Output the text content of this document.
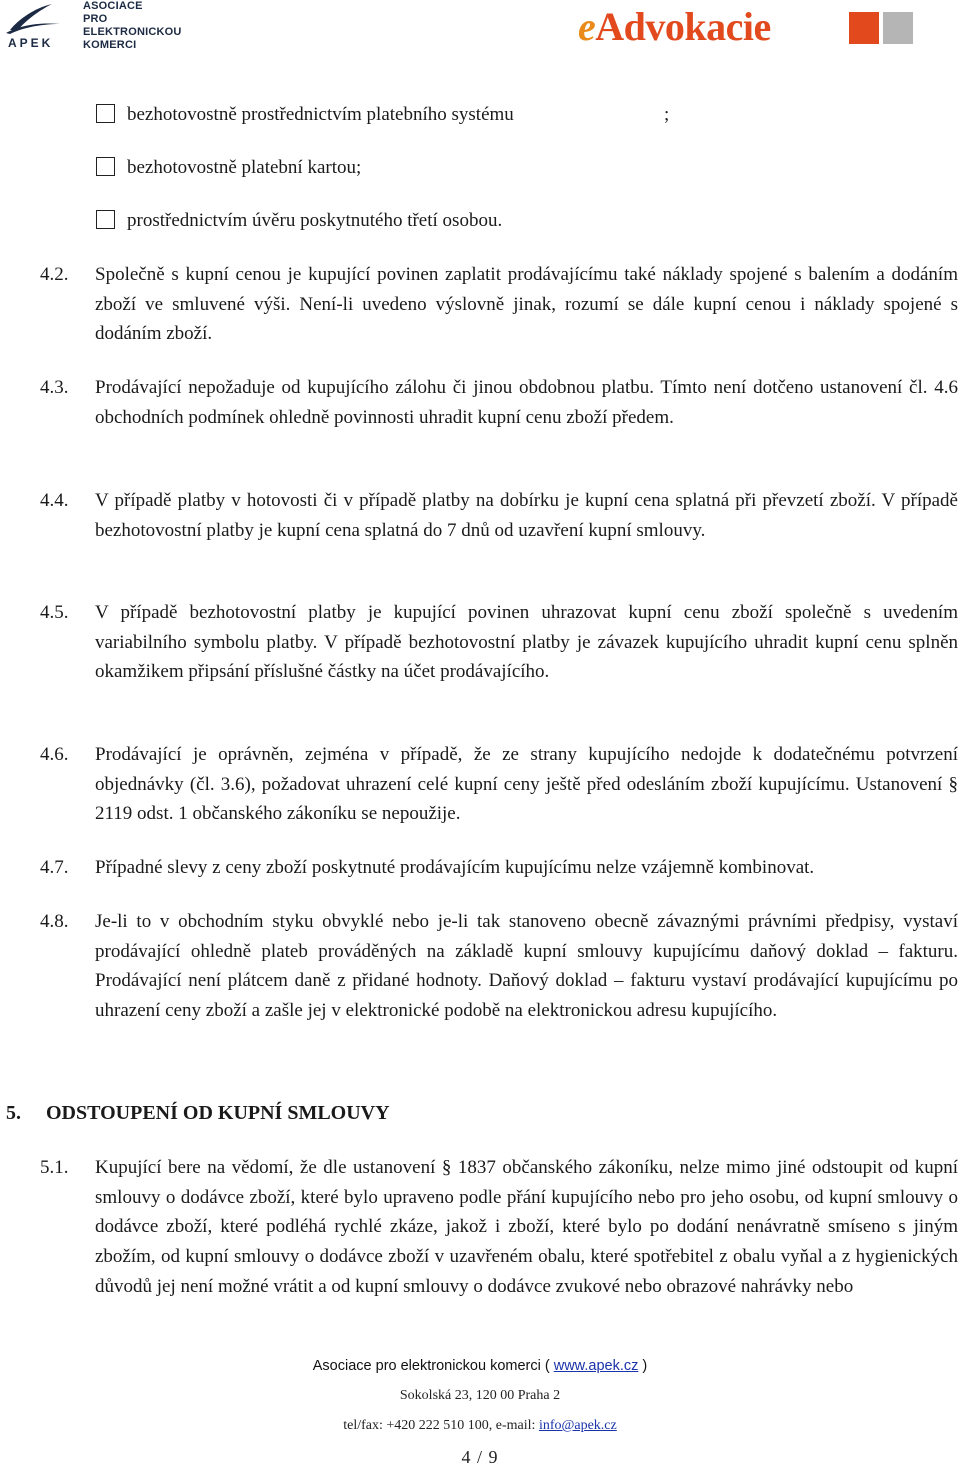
APEK
ASOCIACE
PRO
ELEKTRONICKOU
KOMERCI	eAdvokacie
bezhotovostně prostřednictvím platebního systému	;
bezhotovostně platební kartou;
prostřednictvím úvěru poskytnutého třetí osobou.
4.2. Společně s kupní cenou je kupující povinen zaplatit prodávajícímu také náklady spojené s balením a dodáním zboží ve smluvené výši. Není-li uvedeno výslovně jinak, rozumí se dále kupní cenou i náklady spojené s dodáním zboží.
4.3. Prodávající nepožaduje od kupujícího zálohu či jinou obdobnou platbu. Tímto není dotčeno ustanovení čl. 4.6 obchodních podmínek ohledně povinnosti uhradit kupní cenu zboží předem.
4.4. V případě platby v hotovosti či v případě platby na dobírku je kupní cena splatná při převzetí zboží. V případě bezhotovostní platby je kupní cena splatná do 7 dnů od uzavření kupní smlouvy.
4.5. V případě bezhotovostní platby je kupující povinen uhrazovat kupní cenu zboží společně s uvedením variabilního symbolu platby. V případě bezhotovostní platby je závazek kupujícího uhradit kupní cenu splněn okamžikem připsání příslušné částky na účet prodávajícího.
4.6. Prodávající je oprávněn, zejména v případě, že ze strany kupujícího nedojde k dodatečnému potvrzení objednávky (čl. 3.6), požadovat uhrazení celé kupní ceny ještě před odesláním zboží kupujícímu. Ustanovení § 2119 odst. 1 občanského zákoníku se nepoužije.
4.7. Případné slevy z ceny zboží poskytnuté prodávajícím kupujícímu nelze vzájemně kombinovat.
4.8. Je-li to v obchodním styku obvyklé nebo je-li tak stanoveno obecně závaznými právními předpisy, vystaví prodávající ohledně plateb prováděných na základě kupní smlouvy kupujícímu daňový doklad – fakturu. Prodávající není plátcem daně z přidané hodnoty. Daňový doklad – fakturu vystaví prodávající kupujícímu po uhrazení ceny zboží a zašle jej v elektronické podobě na elektronickou adresu kupujícího.
5. ODSTOUPENÍ OD KUPNÍ SMLOUVY
5.1. Kupující bere na vědomí, že dle ustanovení § 1837 občanského zákoníku, nelze mimo jiné odstoupit od kupní smlouvy o dodávce zboží, které bylo upraveno podle přání kupujícího nebo pro jeho osobu, od kupní smlouvy o dodávce zboží, které podléhá rychlé zkáze, jakož i zboží, které bylo po dodání nenávratně smíseno s jiným zbožím, od kupní smlouvy o dodávce zboží v uzavřeném obalu, které spotřebitel z obalu vyňal a z hygienických důvodů jej není možné vrátit a od kupní smlouvy o dodávce zvukové nebo obrazové nahrávky nebo
Asociace pro elektronickou komerci ( www.apek.cz )
Sokolská 23, 120 00 Praha 2
tel/fax: +420 222 510 100, e-mail: info@apek.cz
4 / 9
